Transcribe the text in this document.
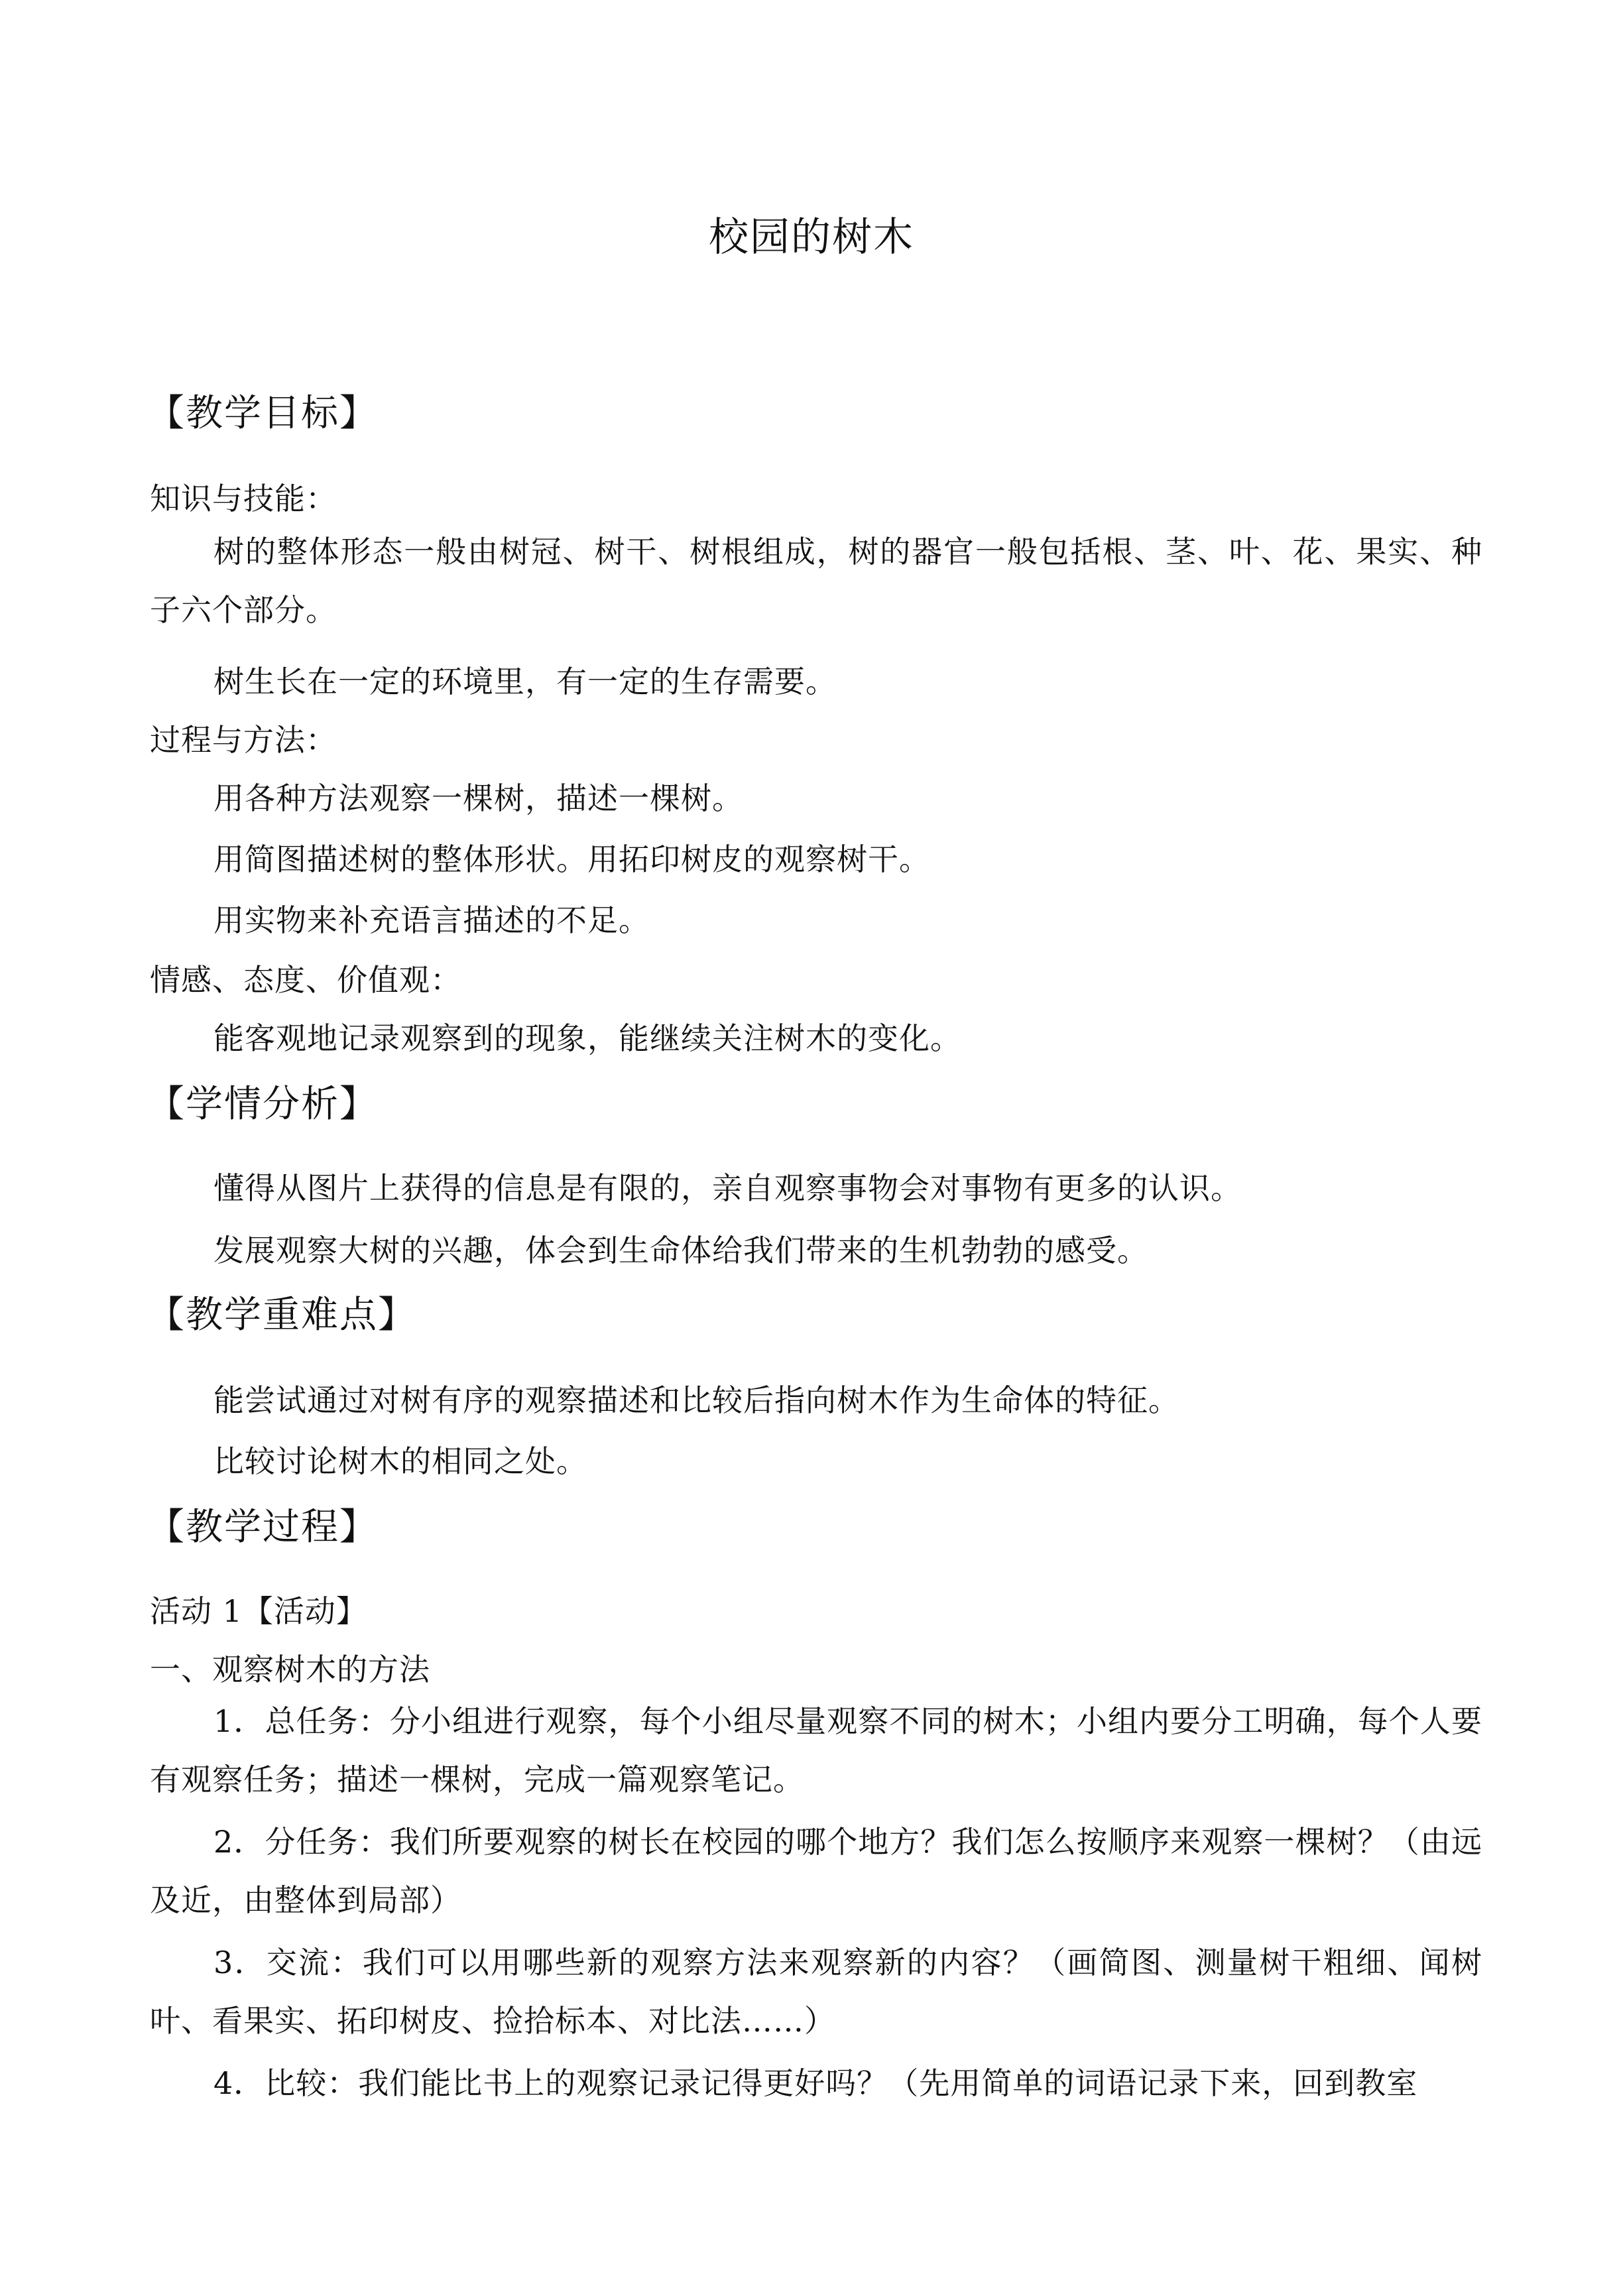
校园的树木
【教学目标】
知识与技能：

树的整体形态一般由树冠、树干、树根组成，树的器官一般包括根、茎、叶、花、果实、种子六个部分。

树生长在一定的环境里，有一定的生存需要。
过程与方法：
用各种方法观察一棵树，描述一棵树。
用简图描述树的整体形状。用拓印树皮的观察树干。
用实物来补充语言描述的不足。
情感、态度、价值观：
能客观地记录观察到的现象，能继续关注树木的变化。
【学情分析】
懂得从图片上获得的信息是有限的，亲自观察事物会对事物有更多的认识。
发展观察大树的兴趣，体会到生命体给我们带来的生机勃勃的感受。
【教学重难点】
能尝试通过对树有序的观察描述和比较后指向树木作为生命体的特征。
比较讨论树木的相同之处。
【教学过程】
活动 1【活动】
一、观察树木的方法

1．总任务：分小组进行观察，每个小组尽量观察不同的树木；小组内要分工明确，每个人要有观察任务；描述一棵树，完成一篇观察笔记。

2．分任务：我们所要观察的树长在校园的哪个地方？我们怎么按顺序来观察一棵树？（由远及近，由整体到局部）

3．交流：我们可以用哪些新的观察方法来观察新的内容？（画简图、测量树干粗细、闻树叶、看果实、拓印树皮、捡拾标本、对比法……）

4．比较：我们能比书上的观察记录记得更好吗？（先用简单的词语记录下来，回到教室
